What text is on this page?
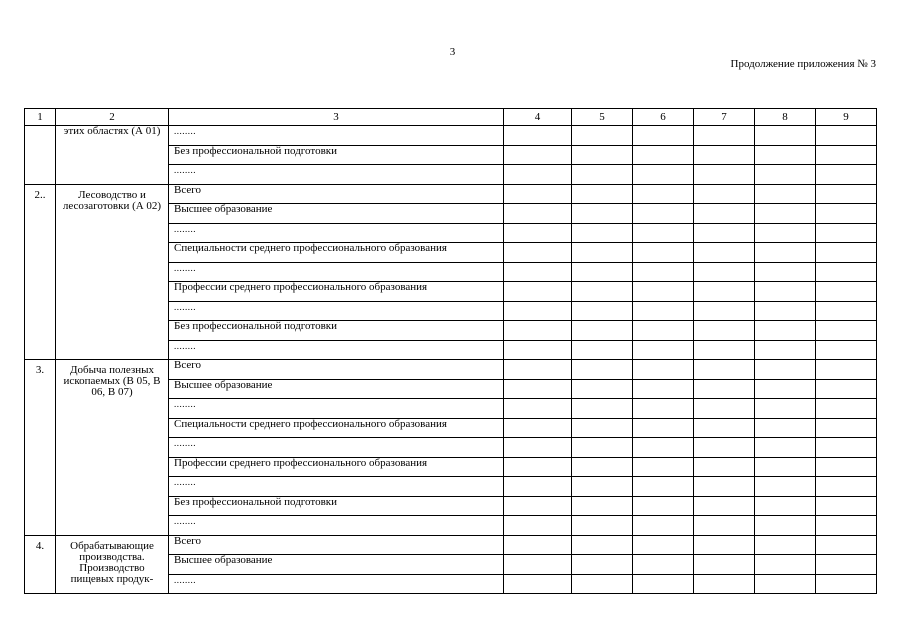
3
Продолжение приложения № 3
1	2	3	4	5	6	7	8	9
	этих областях (А 01)	........						
		Без профессиональной подготовки						
		........						
2..	Лесоводство и лесозаготовки (А 02)	Всего						
		Высшее образование						
		........						
		Специальности среднего профессионального образования						
		........						
		Профессии среднего профессионального образования						
		........						
		Без профессиональной подготовки						
		........						
3.	Добыча полезных ископаемых (В 05, В 06, В 07)	Всего						
		Высшее образование						
		........						
		Специальности среднего профессионального образования						
		........						
		Профессии среднего профессионального образования						
		........						
		Без профессиональной подготовки						
		........						
4.	Обрабатывающие производства. Производство пищевых продук-	Всего						
		Высшее образование						
		........						
